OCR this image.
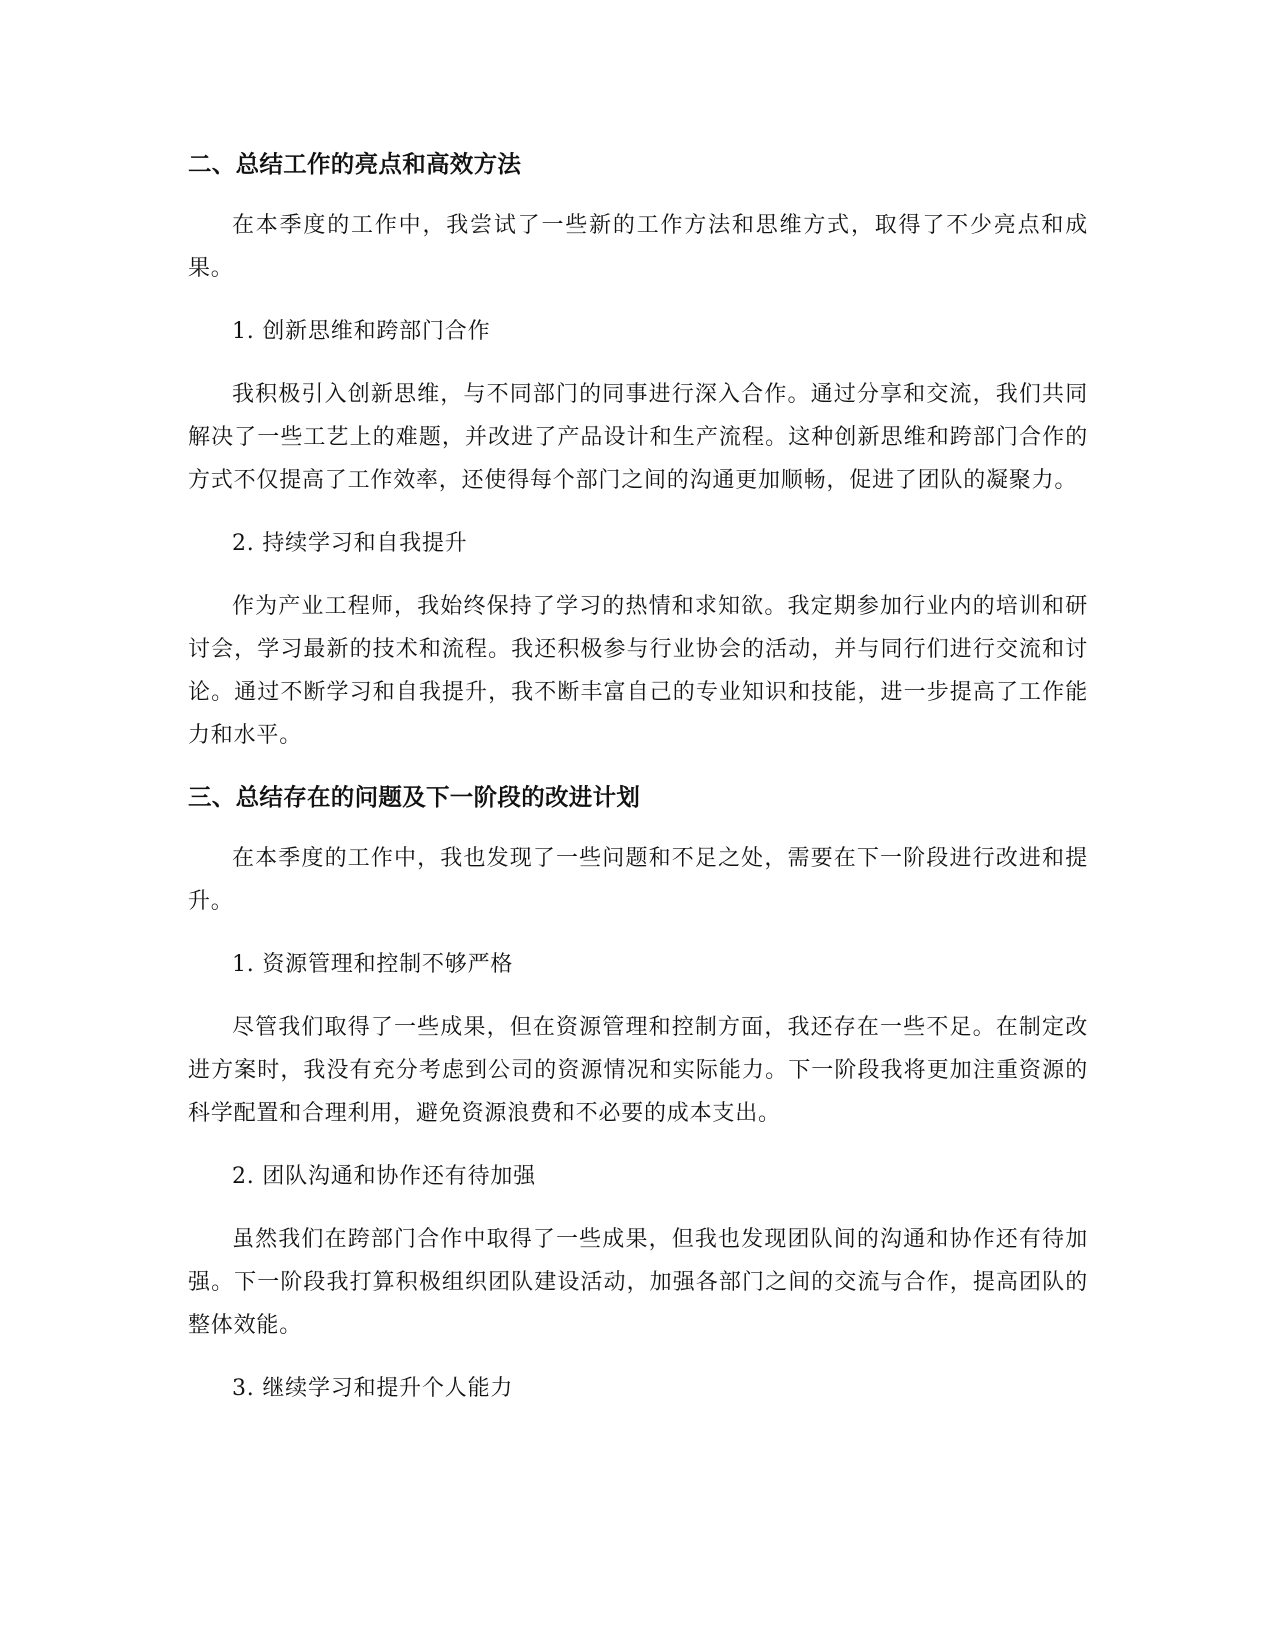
二、总结工作的亮点和高效方法

在本季度的工作中，我尝试了一些新的工作方法和思维方式，取得了不少亮点和成果。

1. 创新思维和跨部门合作

我积极引入创新思维，与不同部门的同事进行深入合作。通过分享和交流，我们共同解决了一些工艺上的难题，并改进了产品设计和生产流程。这种创新思维和跨部门合作的方式不仅提高了工作效率，还使得每个部门之间的沟通更加顺畅，促进了团队的凝聚力。

2. 持续学习和自我提升

作为产业工程师，我始终保持了学习的热情和求知欲。我定期参加行业内的培训和研讨会，学习最新的技术和流程。我还积极参与行业协会的活动，并与同行们进行交流和讨论。通过不断学习和自我提升，我不断丰富自己的专业知识和技能，进一步提高了工作能力和水平。

三、总结存在的问题及下一阶段的改进计划

在本季度的工作中，我也发现了一些问题和不足之处，需要在下一阶段进行改进和提升。

1. 资源管理和控制不够严格

尽管我们取得了一些成果，但在资源管理和控制方面，我还存在一些不足。在制定改进方案时，我没有充分考虑到公司的资源情况和实际能力。下一阶段我将更加注重资源的科学配置和合理利用，避免资源浪费和不必要的成本支出。

2. 团队沟通和协作还有待加强

虽然我们在跨部门合作中取得了一些成果，但我也发现团队间的沟通和协作还有待加强。下一阶段我打算积极组织团队建设活动，加强各部门之间的交流与合作，提高团队的整体效能。

3. 继续学习和提升个人能力
